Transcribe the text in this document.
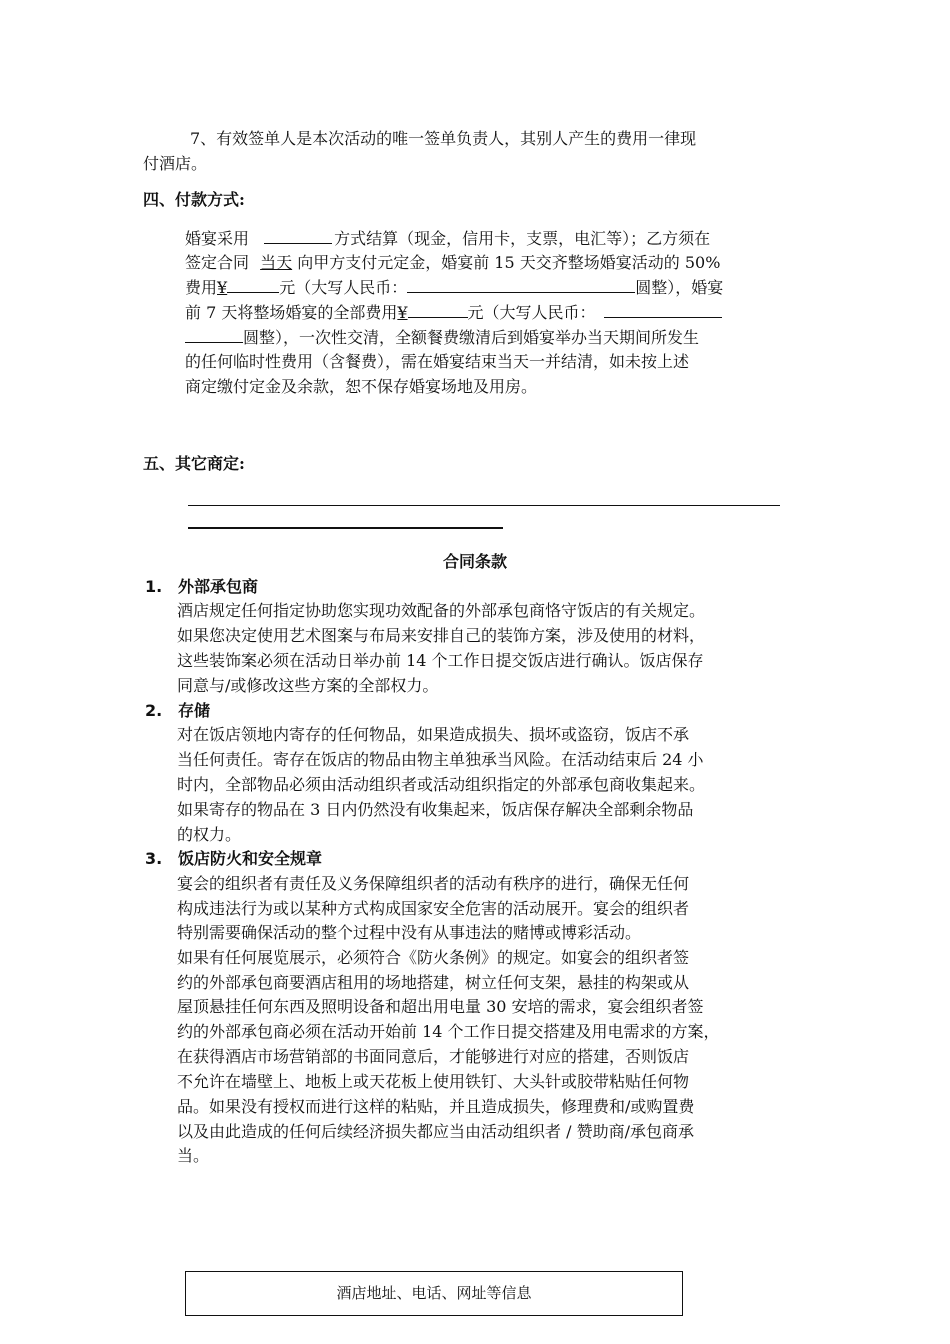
7、有效签单人是本次活动的唯一签单负责人，其别人产生的费用一律现

付酒店。

四、付款方式:

婚宴采用	方式结算（现金，信用卡，支票，电汇等）；乙方须在

签定合同 当天 向甲方支付元定金，婚宴前 15 天交齐整场婚宴活动的 50%

费用¥	元（大写人民币：	圆整），婚宴

前 7 天将整场婚宴的全部费用¥	元（大写人民币：

圆整），一次性交清，全额餐费缴清后到婚宴举办当天期间所发生

的任何临时性费用（含餐费），需在婚宴结束当天一并结清，如未按上述

商定缴付定金及余款，恕不保存婚宴场地及用房。

五、其它商定:

合同条款

1. 外部承包商

酒店规定任何指定协助您实现功效配备的外部承包商恪守饭店的有关规定。

如果您决定使用艺术图案与布局来安排自己的装饰方案，涉及使用的材料，

这些装饰案必须在活动日举办前 14 个工作日提交饭店进行确认。饭店保存

同意与/或修改这些方案的全部权力。

2. 存储

对在饭店领地内寄存的任何物品，如果造成损失、损坏或盗窃，饭店不承

当任何责任。寄存在饭店的物品由物主单独承当风险。在活动结束后 24 小

时内，全部物品必须由活动组织者或活动组织指定的外部承包商收集起来。

如果寄存的物品在 3 日内仍然没有收集起来，饭店保存解决全部剩余物品

的权力。

3. 饭店防火和安全规章

宴会的组织者有责任及义务保障组织者的活动有秩序的进行，确保无任何

构成违法行为或以某种方式构成国家安全危害的活动展开。宴会的组织者

特别需要确保活动的整个过程中没有从事违法的赌博或博彩活动。

如果有任何展览展示，必须符合《防火条例》的规定。如宴会的组织者签

约的外部承包商要酒店租用的场地搭建，树立任何支架，悬挂的构架或从

屋顶悬挂任何东西及照明设备和超出用电量 30 安培的需求，宴会组织者签

约的外部承包商必须在活动开始前 14 个工作日提交搭建及用电需求的方案，

在获得酒店市场营销部的书面同意后，才能够进行对应的搭建，否则饭店

不允许在墙壁上、地板上或天花板上使用铁钉、大头针或胶带粘贴任何物

品。如果没有授权而进行这样的粘贴，并且造成损失，修理费和/或购置费

以及由此造成的任何后续经济损失都应当由活动组织者 / 赞助商/承包商承

当。

酒店地址、电话、网址等信息
